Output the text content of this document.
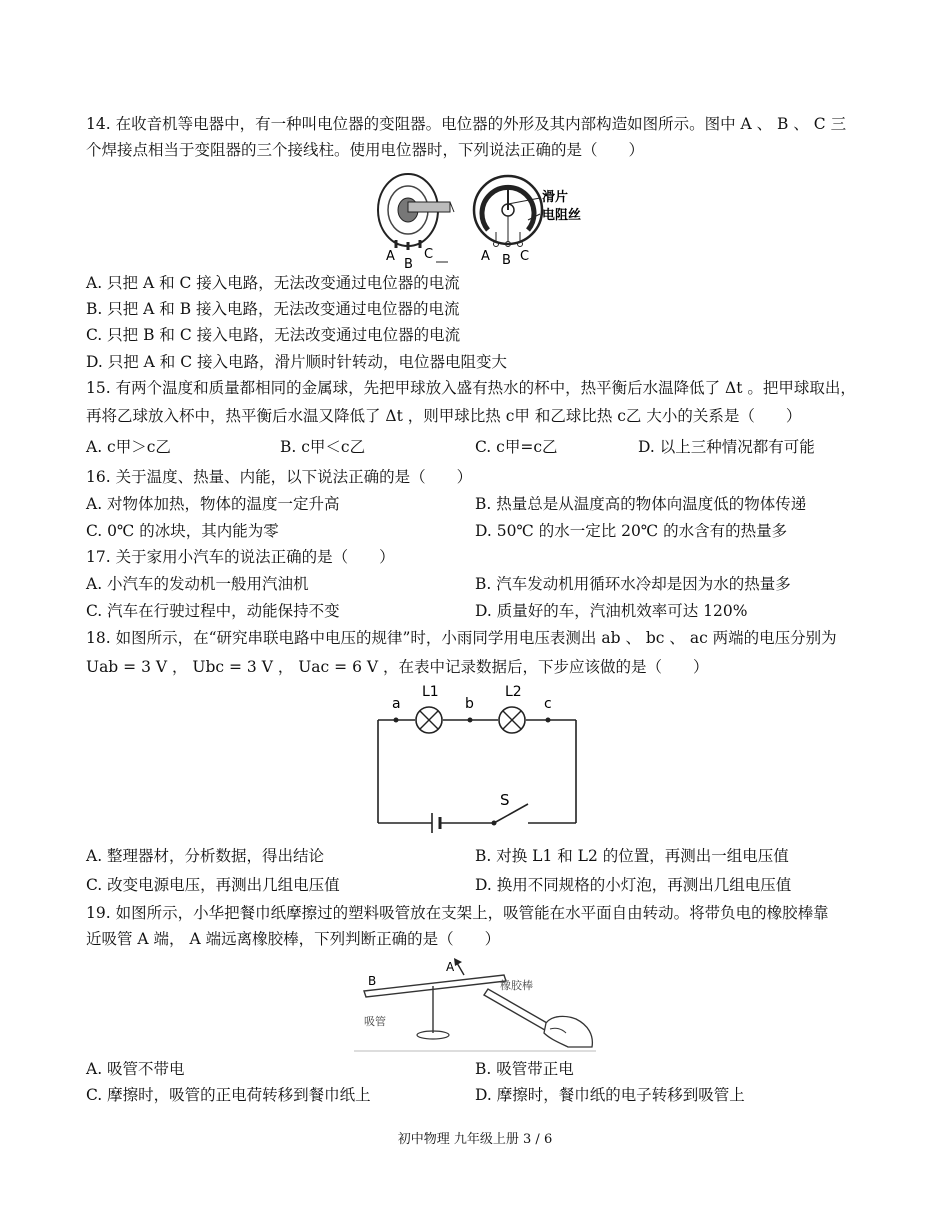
14. 在收音机等电器中，有一种叫电位器的变阻器。电位器的外形及其内部构造如图所示。图中 A 、 B 、 C 三
个焊接点相当于变阻器的三个接线柱。使用电位器时，下列说法正确的是（　　）
A
B
C
滑片
电阻丝
A B C
A. 只把 A 和 C 接入电路，无法改变通过电位器的电流
B. 只把 A 和 B 接入电路，无法改变通过电位器的电流
C. 只把 B 和 C 接入电路，无法改变通过电位器的电流
D. 只把 A 和 C 接入电路，滑片顺时针转动，电位器电阻变大
15. 有两个温度和质量都相同的金属球，先把甲球放入盛有热水的杯中，热平衡后水温降低了 Δt 。把甲球取出，
再将乙球放入杯中，热平衡后水温又降低了 Δt ，则甲球比热 c甲 和乙球比热 c乙 大小的关系是（　　）
A. c甲＞c乙	B. c甲＜c乙	C. c甲=c乙	D. 以上三种情况都有可能
16. 关于温度、热量、内能，以下说法正确的是（　　）
A. 对物体加热，物体的温度一定升高	B. 热量总是从温度高的物体向温度低的物体传递
C. 0℃ 的冰块，其内能为零	D. 50℃ 的水一定比 20℃ 的水含有的热量多
17. 关于家用小汽车的说法正确的是（　　）
A. 小汽车的发动机一般用汽油机	B. 汽车发动机用循环水冷却是因为水的热量多
C. 汽车在行驶过程中，动能保持不变	D. 质量好的车，汽油机效率可达 120%
18. 如图所示，在“研究串联电路中电压的规律”时，小雨同学用电压表测出 ab 、 bc 、 ac 两端的电压分别为
Uab = 3 V ， Ubc = 3 V ， Uac = 6 V ，在表中记录数据后，下步应该做的是（　　）
a	b	c
L1	L2
S
A. 整理器材，分析数据，得出结论	B. 对换 L1 和 L2 的位置，再测出一组电压值
C. 改变电源电压，再测出几组电压值	D. 换用不同规格的小灯泡，再测出几组电压值
19. 如图所示，小华把餐巾纸摩擦过的塑料吸管放在支架上，吸管能在水平面自由转动。将带负电的橡胶棒靠
近吸管 A 端， A 端远离橡胶棒，下列判断正确的是（　　）
A
B
吸管
橡胶棒
A. 吸管不带电	B. 吸管带正电
C. 摩擦时，吸管的正电荷转移到餐巾纸上	D. 摩擦时，餐巾纸的电子转移到吸管上
初中物理 九年级上册 3 / 6
